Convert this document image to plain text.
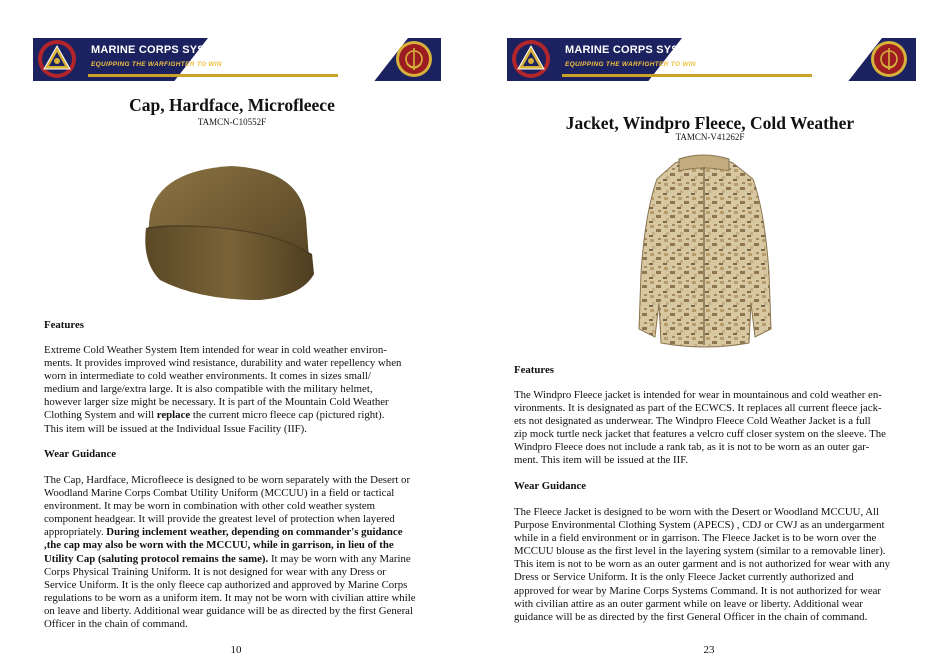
MARINE CORPS SYSTEMS COMMAND
EQUIPPING THE WARFIGHTER TO WIN
Cap, Hardface, Microfleece
TAMCN-C10552F
Features

Extreme Cold Weather System Item intended for wear in cold weather environ-ments. It provides improved wind resistance, durability and water repellency when worn in intermediate to cold weather environments. It comes in sizes small/ medium and large/extra large. It is also compatible with the military helmet, however larger size might be necessary. It is part of the Mountain Cold Weather Clothing System and will replace the current micro fleece cap (pictured right). This item will be issued at the Individual Issue Facility (IIF).

Wear Guidance

The Cap, Hardface, Microfleece is designed to be worn separately with the Desert or Woodland Marine Corps Combat Utility Uniform (MCCUU) in a field or tactical environment. It may be worn in combination with other cold weather system component headgear. It will provide the greatest level of protection when layered appropriately. During inclement weather, depending on commander's guidance ,the cap may also be worn with the MCCUU, while in garrison, in lieu of the Utility Cap (saluting protocol remains the same). It may be worn with any Marine Corps Physical Training Uniform. It is not designed for wear with any Dress or Service Uniform. It is the only fleece cap authorized and approved by Marine Corps regulations to be worn as a uniform item. It may not be worn with civilian attire while on leave and liberty. Additional wear guidance will be as directed by the first General Officer in the chain of command.

10
MARINE CORPS SYSTEMS COMMAND
EQUIPPING THE WARFIGHTER TO WIN
Jacket, Windpro Fleece, Cold Weather
TAMCN-V41262F
Features

The Windpro Fleece jacket is intended for wear in mountainous and cold weather en-vironments. It is designated as part of the ECWCS. It replaces all current fleece jack-ets not designated as underwear. The Windpro Fleece Cold Weather Jacket is a full zip mock turtle neck jacket that features a velcro cuff closer system on the sleeve. The Windpro Fleece does not include a rank tab, as it is not to be worn as an outer gar-ment. This item will be issued at the IIF.

Wear Guidance

The Fleece Jacket is designed to be worn with the Desert or Woodland MCCUU, All Purpose Environmental Clothing System (APECS) , CDJ or CWJ as an undergarment while in a field environment or in garrison. The Fleece Jacket is to be worn over the MCCUU blouse as the first level in the layering system (similar to a removable liner). This item is not to be worn as an outer garment and is not authorized for wear with any Dress or Service Uniform. It is the only Fleece Jacket currently authorized and approved for wear by Marine Corps Systems Command. It is not authorized for wear with civilian attire as an outer garment while on leave or liberty. Additional wear guidance will be as directed by the first General Officer in the chain of command.

23
